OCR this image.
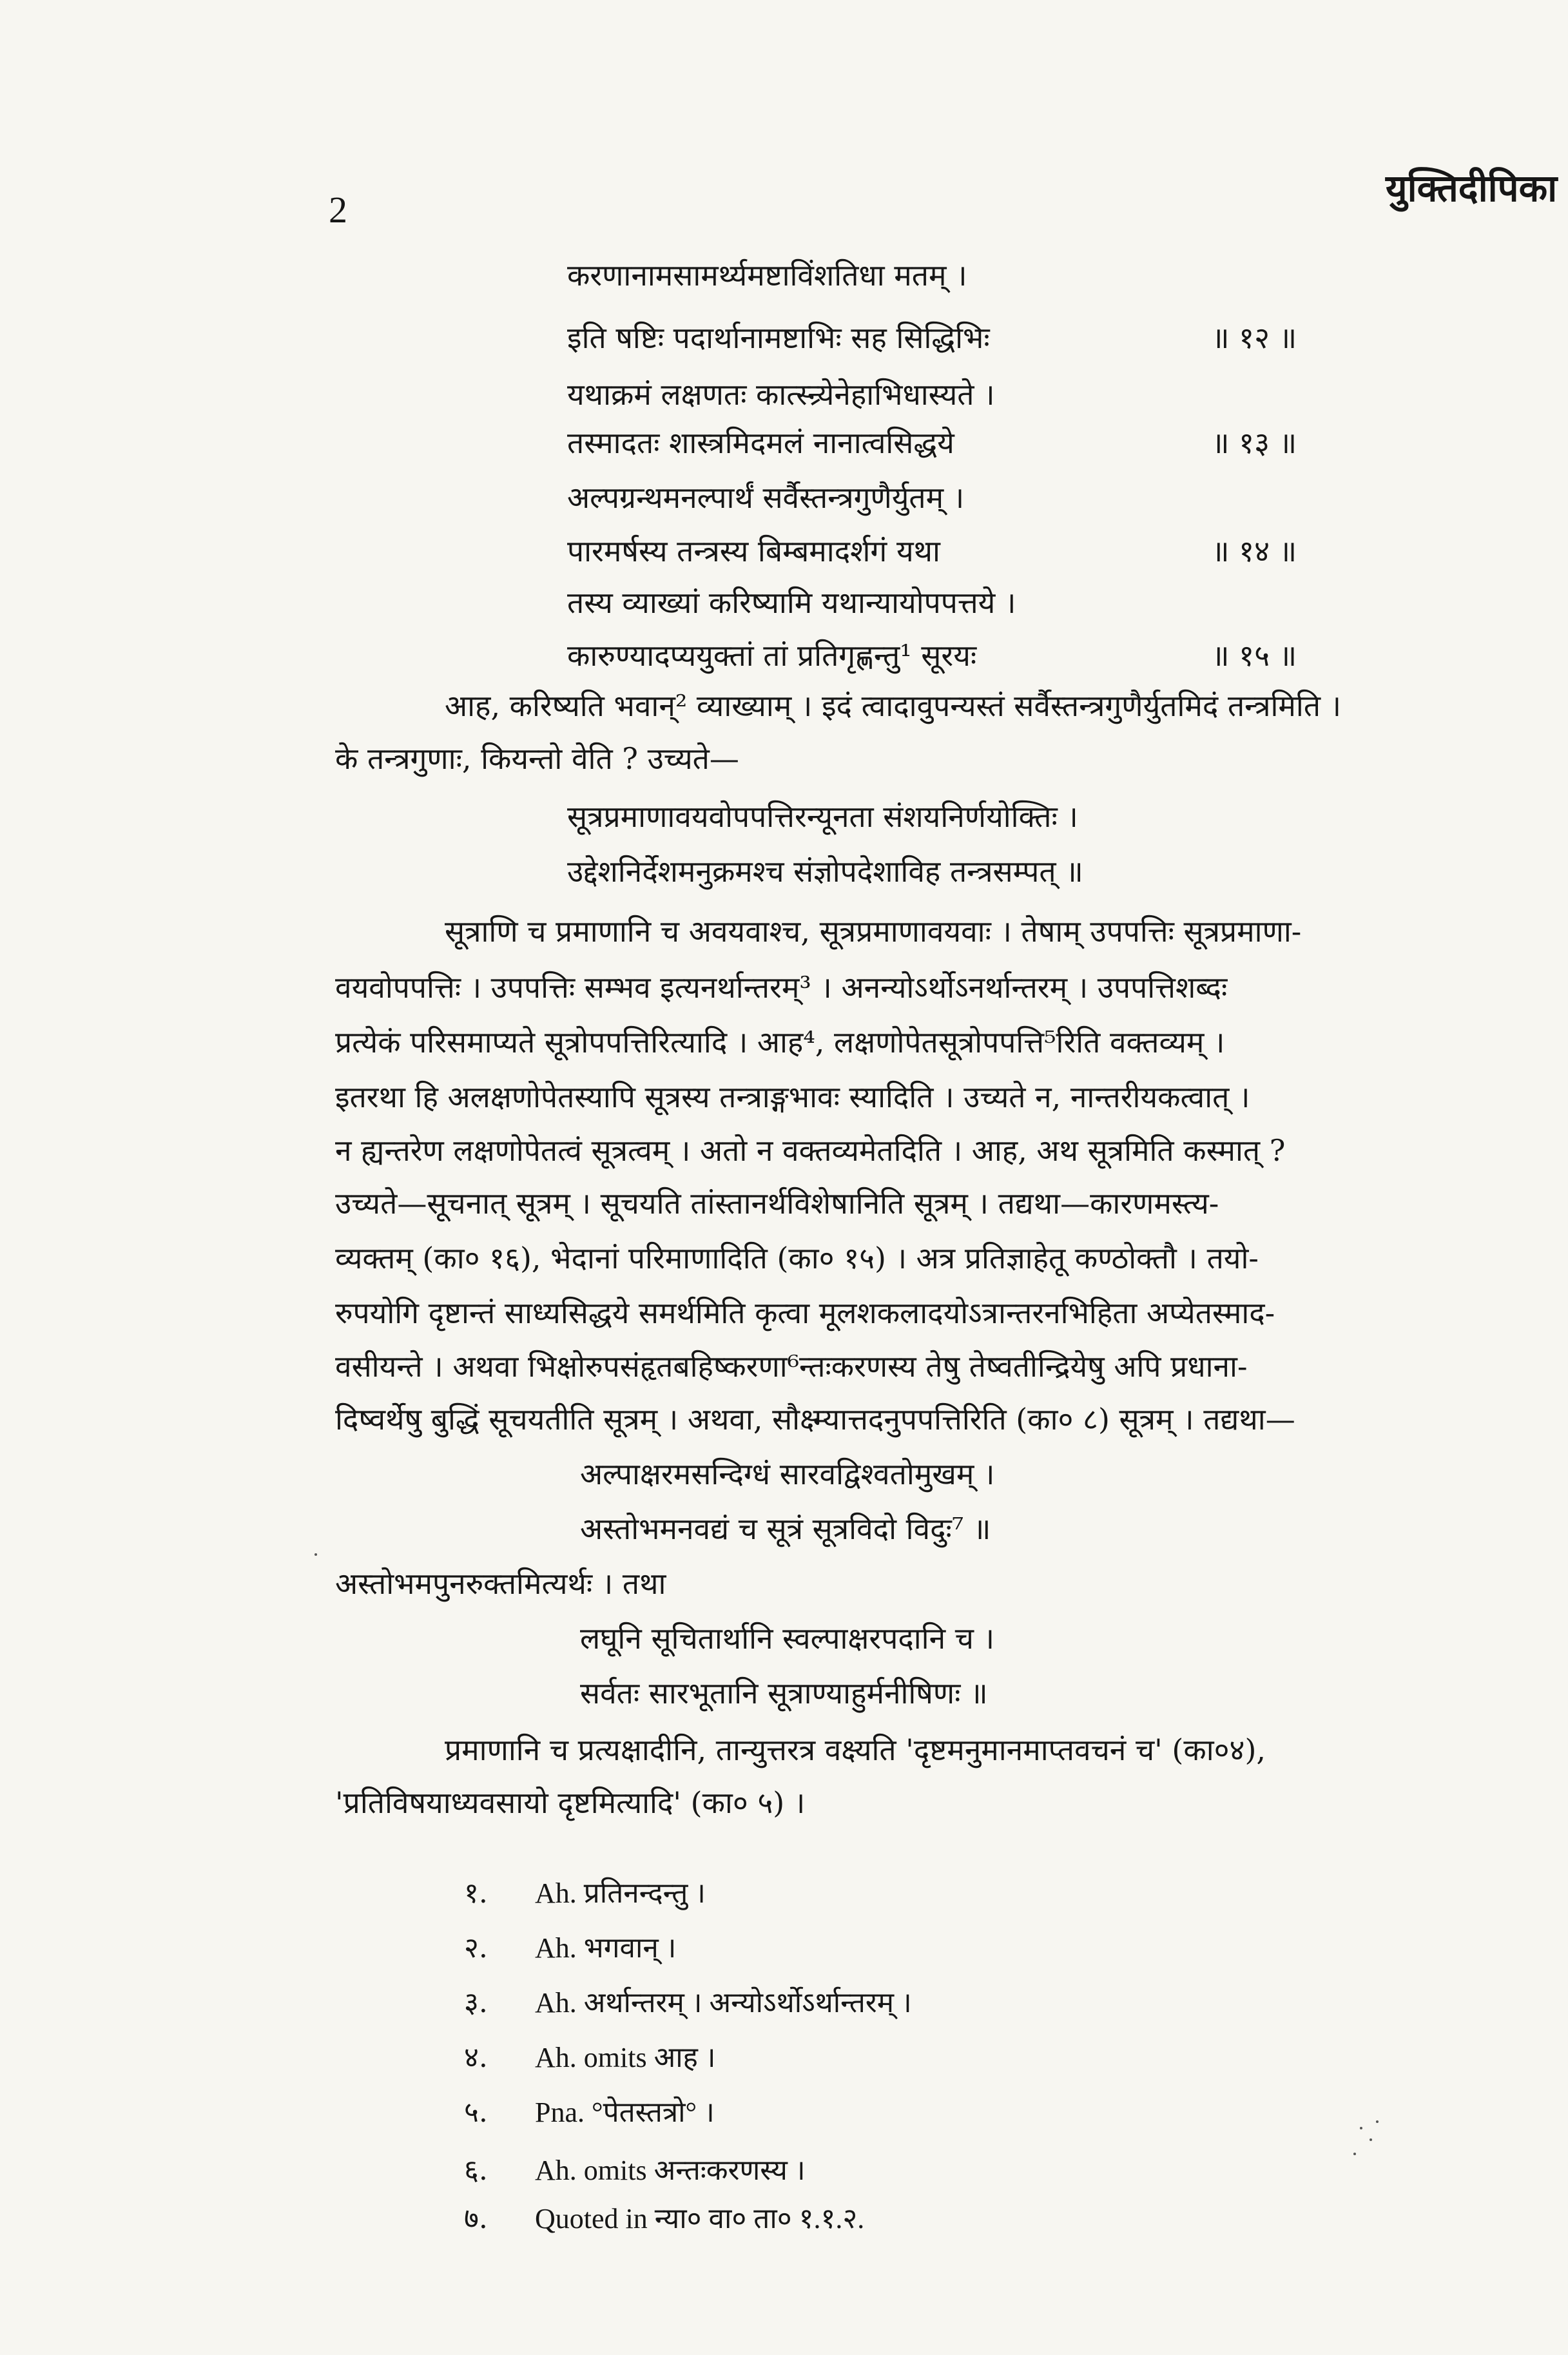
2	युक्तिदीपिका
करणानामसामर्थ्यमष्टाविंशतिधा मतम् ।
इति षष्टिः पदार्थानामष्टाभिः सह सिद्धिभिः	॥ १२ ॥
यथाक्रमं लक्षणतः कात्स्न्र्येनेहाभिधास्यते ।
तस्मादतः शास्त्रमिदमलं नानात्वसिद्धये	॥ १३ ॥
अल्पग्रन्थमनल्पार्थं सर्वैस्तन्त्रगुणैर्युतम् ।
पारमर्षस्य तन्त्रस्य बिम्बमादर्शगं यथा	॥ १४ ॥
तस्य व्याख्यां करिष्यामि यथान्यायोपपत्तये ।
कारुण्यादप्ययुक्तां तां प्रतिगृह्णन्तु¹ सूरयः	॥ १५ ॥
आह, करिष्यति भवान्² व्याख्याम् । इदं त्वादावुपन्यस्तं सर्वैस्तन्त्रगुणैर्युतमिदं तन्त्रमिति ।
के तन्त्रगुणाः, कियन्तो वेति ? उच्यते—
सूत्रप्रमाणावयवोपपत्तिरन्यूनता संशयनिर्णयोक्तिः ।
उद्देशनिर्देशमनुक्रमश्च संज्ञोपदेशाविह तन्त्रसम्पत् ॥
सूत्राणि च प्रमाणानि च अवयवाश्च, सूत्रप्रमाणावयवाः । तेषाम् उपपत्तिः सूत्रप्रमाणा-
वयवोपपत्तिः । उपपत्तिः सम्भव इत्यनर्थान्तरम्³ । अनन्योऽर्थोऽनर्थान्तरम् । उपपत्तिशब्दः
प्रत्येकं परिसमाप्यते सूत्रोपपत्तिरित्यादि । आह⁴, लक्षणोपेतसूत्रोपपत्ति⁵रिति वक्तव्यम् ।
इतरथा हि अलक्षणोपेतस्यापि सूत्रस्य तन्त्राङ्गभावः स्यादिति । उच्यते न, नान्तरीयकत्वात् ।
न ह्यन्तरेण लक्षणोपेतत्वं सूत्रत्वम् । अतो न वक्तव्यमेतदिति । आह, अथ सूत्रमिति कस्मात् ?
उच्यते—सूचनात् सूत्रम् । सूचयति तांस्तानर्थविशेषानिति सूत्रम् । तद्यथा—कारणमस्त्य-
व्यक्तम् (का० १६), भेदानां परिमाणादिति (का० १५) । अत्र प्रतिज्ञाहेतू कण्ठोक्तौ । तयो-
रुपयोगि दृष्टान्तं साध्यसिद्धये समर्थमिति कृत्वा मूलशकलादयोऽत्रान्तरनभिहिता अप्येतस्माद-
वसीयन्ते । अथवा भिक्षोरुपसंहृतबहिष्करणा⁶न्तःकरणस्य तेषु तेष्वतीन्द्रियेषु अपि प्रधाना-
दिष्वर्थेषु बुद्धिं सूचयतीति सूत्रम् । अथवा, सौक्ष्म्यात्तदनुपपत्तिरिति (का० ८) सूत्रम् । तद्यथा—
अल्पाक्षरमसन्दिग्धं सारवद्विश्वतोमुखम् ।
अस्तोभमनवद्यं च सूत्रं सूत्रविदो विदुः⁷ ॥
अस्तोभमपुनरुक्तमित्यर्थः । तथा
लघूनि सूचितार्थानि स्वल्पाक्षरपदानि च ।
सर्वतः सारभूतानि सूत्राण्याहुर्मनीषिणः ॥
प्रमाणानि च प्रत्यक्षादीनि, तान्युत्तरत्र वक्ष्यति 'दृष्टमनुमानमाप्तवचनं च' (का०४),
'प्रतिविषयाध्यवसायो दृष्टमित्यादि' (का० ५) ।
१. Ah. प्रतिनन्दन्तु ।
२. Ah. भगवान् ।
३. Ah. अर्थान्तरम् । अन्योऽर्थोऽर्थान्तरम् ।
४. Ah. omits आह ।
५. Pna. °पेतस्तत्रो° ।
६. Ah. omits अन्तःकरणस्य ।
७. Quoted in न्या० वा० ता० १.१.२.
